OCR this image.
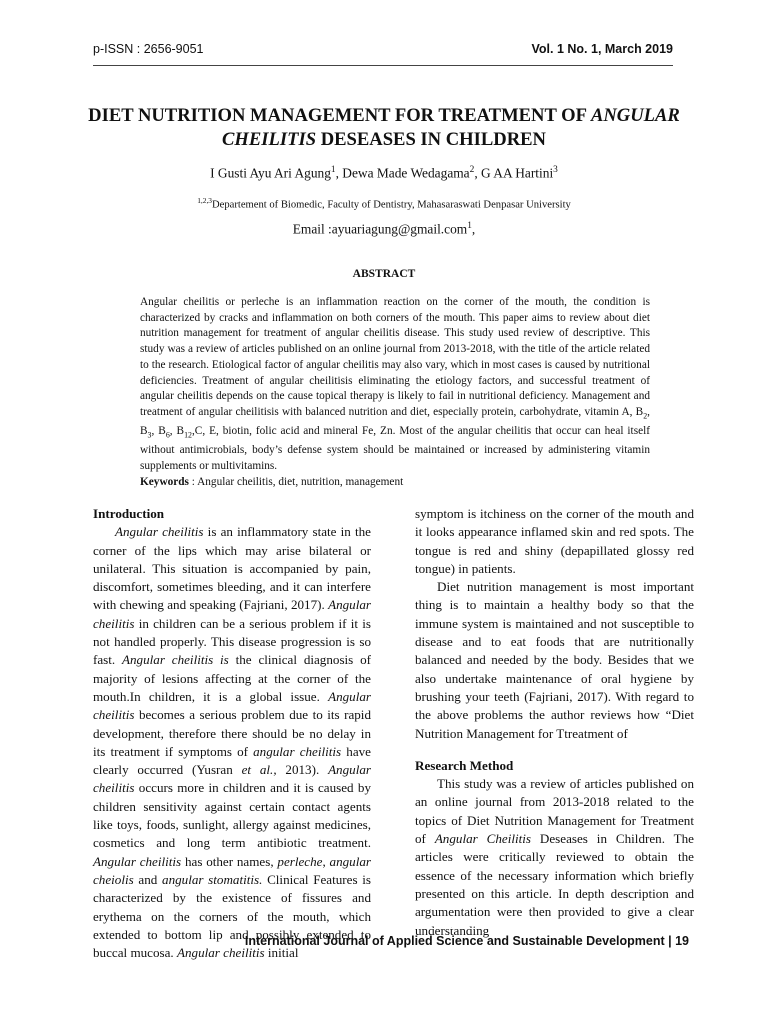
p-ISSN : 2656-9051	Vol. 1 No. 1, March 2019
DIET NUTRITION MANAGEMENT FOR TREATMENT OF ANGULAR CHEILITIS DESEASES IN CHILDREN
I Gusti Ayu Ari Agung$^1$, Dewa Made Wedagama$^2$, G AA Hartini$^3$
$^{1,2,3}$Departement of Biomedic, Faculty of Dentistry, Mahasaraswati Denpasar University
Email :ayuariagung@gmail.com$^1$,
ABSTRACT

Angular cheilitis or perleche is an inflammation reaction on the corner of the mouth, the condition is characterized by cracks and inflammation on both corners of the mouth. This paper aims to review about diet nutrition management for treatment of angular cheilitis disease. This study used review of descriptive. This study was a review of articles published on an online journal from 2013-2018, with the title of the article related to the research. Etiological factor of angular cheilitis may also vary, which in most cases is caused by nutritional deficiencies. Treatment of angular cheilitisis eliminating the etiology factors, and successful treatment of angular cheilitis depends on the cause topical therapy is likely to fail in nutritional deficiency. Management and treatment of angular cheilitisis with balanced nutrition and diet, especially protein, carbohydrate, vitamin A, $B_2$, $B_3$, $B_6$, $B_{12},C$, E, biotin, folic acid and mineral Fe, Zn. Most of the angular cheilitis that occur can heal itself without antimicrobials, body’s defense system should be maintained or increased by administering vitamin supplements or multivitamins.

Keywords : Angular cheilitis, diet, nutrition, management

Introduction

Angular cheilitis is an inflammatory state in the corner of the lips which may arise bilateral or unilateral. This situation is accompanied by pain, discomfort, sometimes bleeding, and it can interfere with chewing and speaking (Fajriani, 2017). Angular cheilitis in children can be a serious problem if it is not handled properly. This disease progression is so fast. Angular cheilitis is the clinical diagnosis of majority of lesions affecting at the corner of the mouth.In children, it is a global issue. Angular cheilitis becomes a serious problem due to its rapid development, therefore there should be no delay in its treatment if symptoms of angular cheilitis have clearly occurred (Yusran et al., 2013). Angular cheilitis occurs more in children and it is caused by children sensitivity against certain contact agents like toys, foods, sunlight, allergy against medicines, cosmetics and long term antibiotic treatment. Angular cheilitis has other names, perleche, angular cheiolis and angular stomatitis. Clinical Features is characterized by the existence of fissures and erythema on the corners of the mouth, which extended to bottom lip and possibly extended to buccal mucosa. Angular cheilitis initial

symptom is itchiness on the corner of the mouth and it looks appearance inflamed skin and red spots. The tongue is red and shiny (depapillated glossy red tongue) in patients.

Diet nutrition management is most important thing is to maintain a healthy body so that the immune system is maintained and not susceptible to disease and to eat foods that are nutritionally balanced and needed by the body. Besides that we also undertake maintenance of oral hygiene by brushing your teeth (Fajriani, 2017). With regard to the above problems the author reviews how “Diet Nutrition Management for Ttreatment of

Research Method

This study was a review of articles published on an online journal from 2013-2018 related to the topics of Diet Nutrition Management for Treatment of Angular Cheilitis Deseases in Children. The articles were critically reviewed to obtain the essence of the necessary information which briefly presented on this article. In depth description and argumentation were then provided to give a clear understanding

International Journal of Applied Science and Sustainable Development | 19
